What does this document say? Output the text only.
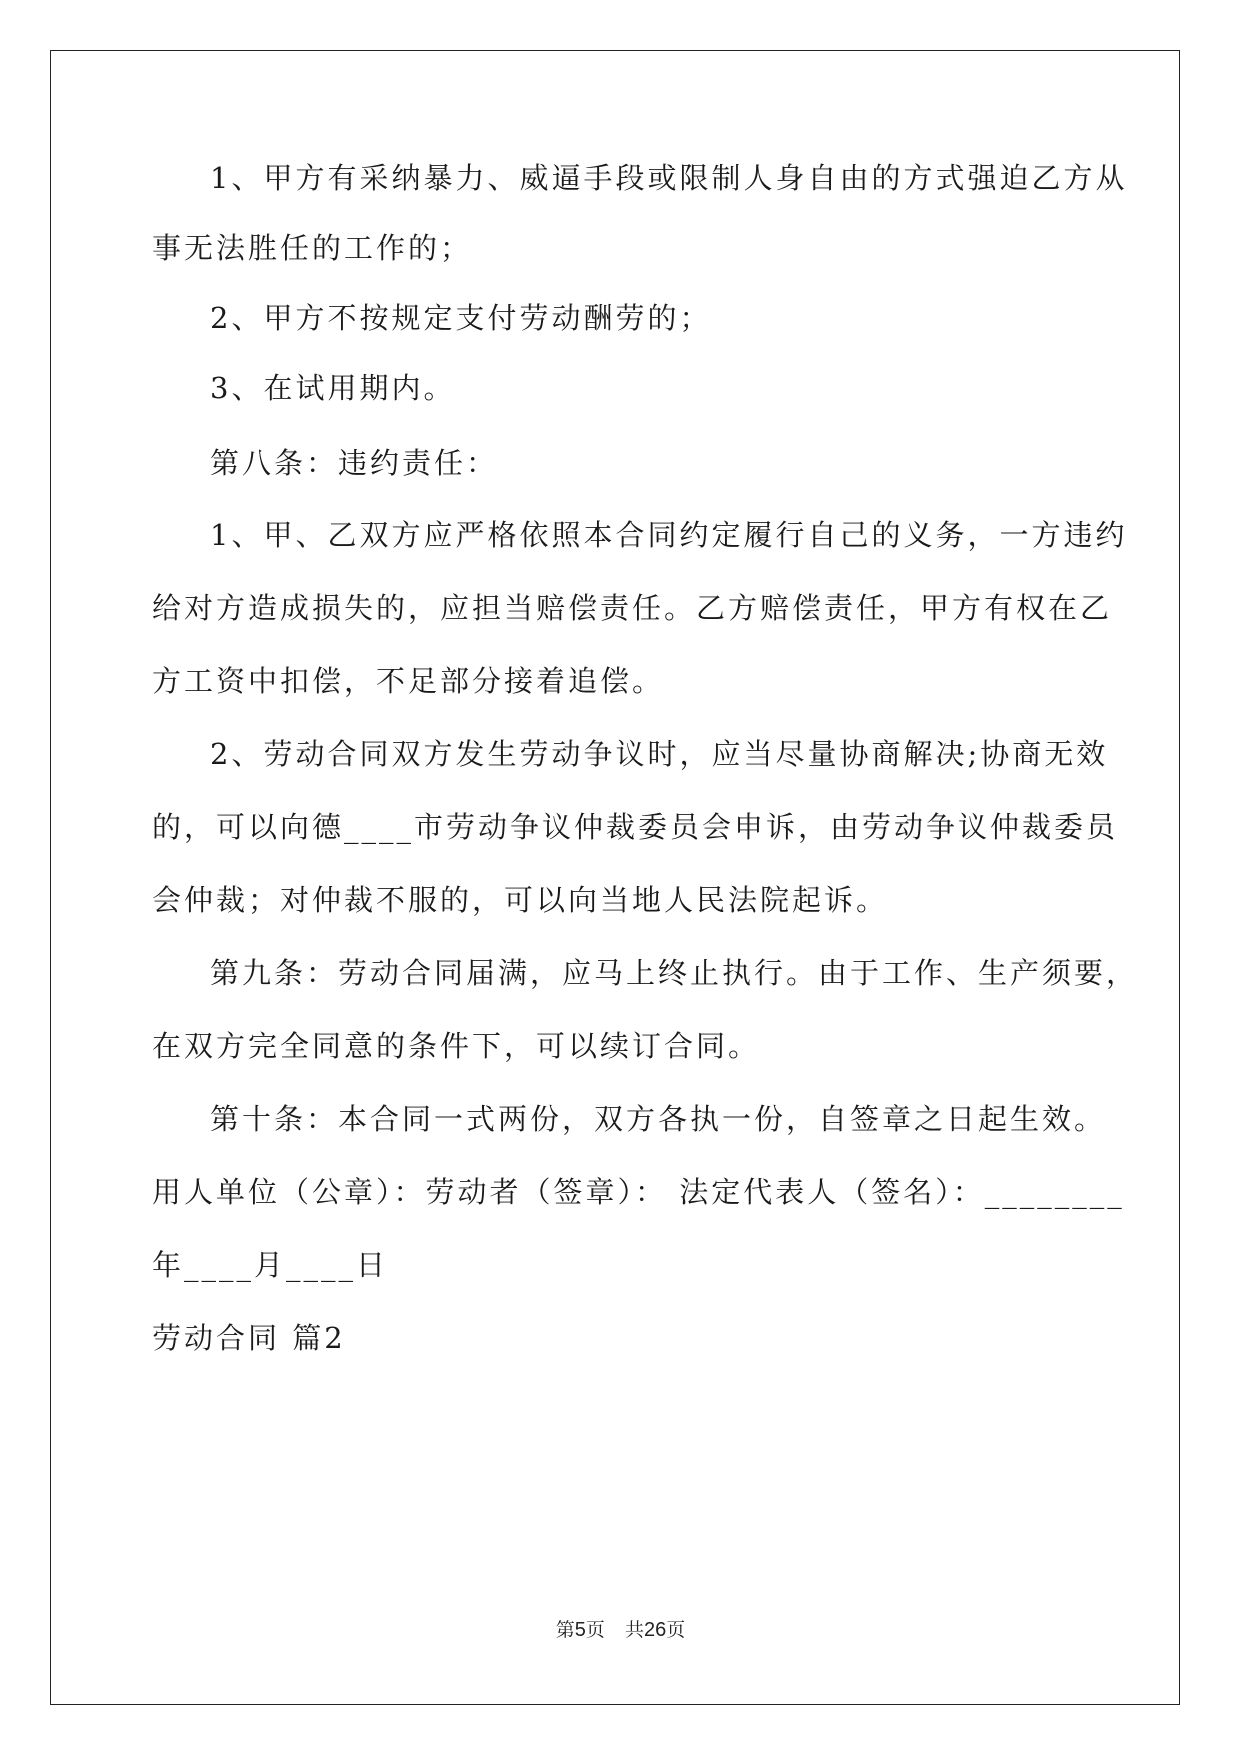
1、甲方有采纳暴力、威逼手段或限制人身自由的方式强迫乙方从
事无法胜任的工作的；
2、甲方不按规定支付劳动酬劳的；
3、在试用期内。
第八条：违约责任：
1、甲、乙双方应严格依照本合同约定履行自己的义务，一方违约
给对方造成损失的，应担当赔偿责任。乙方赔偿责任，甲方有权在乙
方工资中扣偿，不足部分接着追偿。
2、劳动合同双方发生劳动争议时，应当尽量协商解决;协商无效
的，可以向德____市劳动争议仲裁委员会申诉，由劳动争议仲裁委员
会仲裁；对仲裁不服的，可以向当地人民法院起诉。
第九条：劳动合同届满，应马上终止执行。由于工作、生产须要，
在双方完全同意的条件下，可以续订合同。
第十条：本合同一式两份，双方各执一份，自签章之日起生效。
用人单位（公章）：劳动者（签章）： 法定代表人（签名）：________
年____月____日
劳动合同 篇2
第5页 共26页
